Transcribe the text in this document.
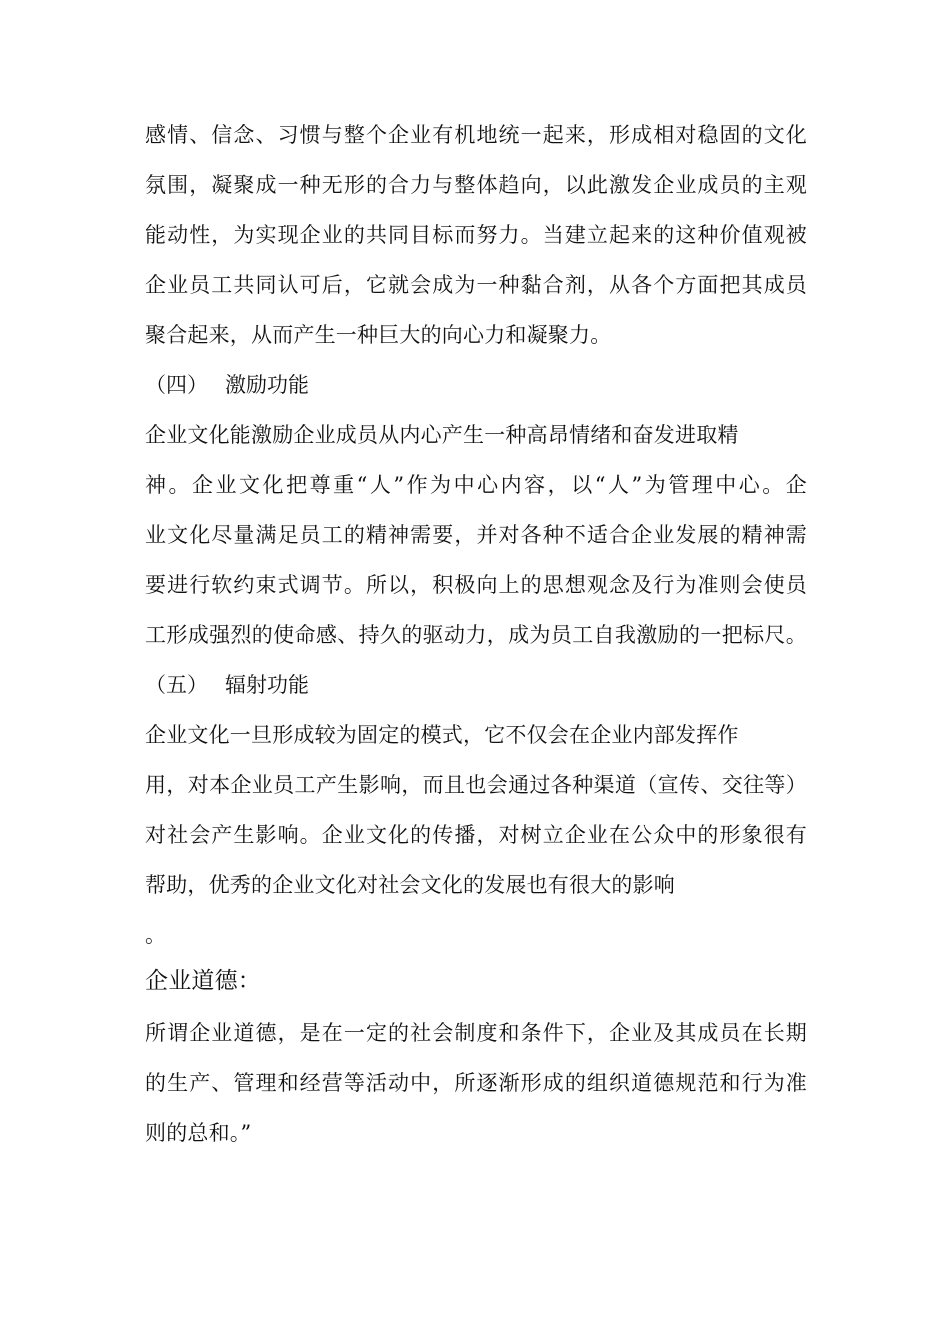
感情、信念、习惯与整个企业有机地统一起来，形成相对稳固的文化
氛围，凝聚成一种无形的合力与整体趋向，以此激发企业成员的主观
能动性，为实现企业的共同目标而努力。当建立起来的这种价值观被
企业员工共同认可后，它就会成为一种黏合剂，从各个方面把其成员
聚合起来，从而产生一种巨大的向心力和凝聚力。
（四） 激励功能
企业文化能激励企业成员从内心产生一种高昂情绪和奋发进取精
神。企业文化把尊重“人”作为中心内容，以“人”为管理中心。企
业文化尽量满足员工的精神需要，并对各种不适合企业发展的精神需
要进行软约束式调节。所以，积极向上的思想观念及行为准则会使员
工形成强烈的使命感、持久的驱动力，成为员工自我激励的一把标尺。
（五） 辐射功能
企业文化一旦形成较为固定的模式，它不仅会在企业内部发挥作
用，对本企业员工产生影响，而且也会通过各种渠道（宣传、交往等）
对社会产生影响。企业文化的传播，对树立企业在公众中的形象很有
帮助，优秀的企业文化对社会文化的发展也有很大的影响
。
企业道德：
所谓企业道德，是在一定的社会制度和条件下，企业及其成员在长期
的生产、管理和经营等活动中，所逐渐形成的组织道德规范和行为准
则的总和。”
